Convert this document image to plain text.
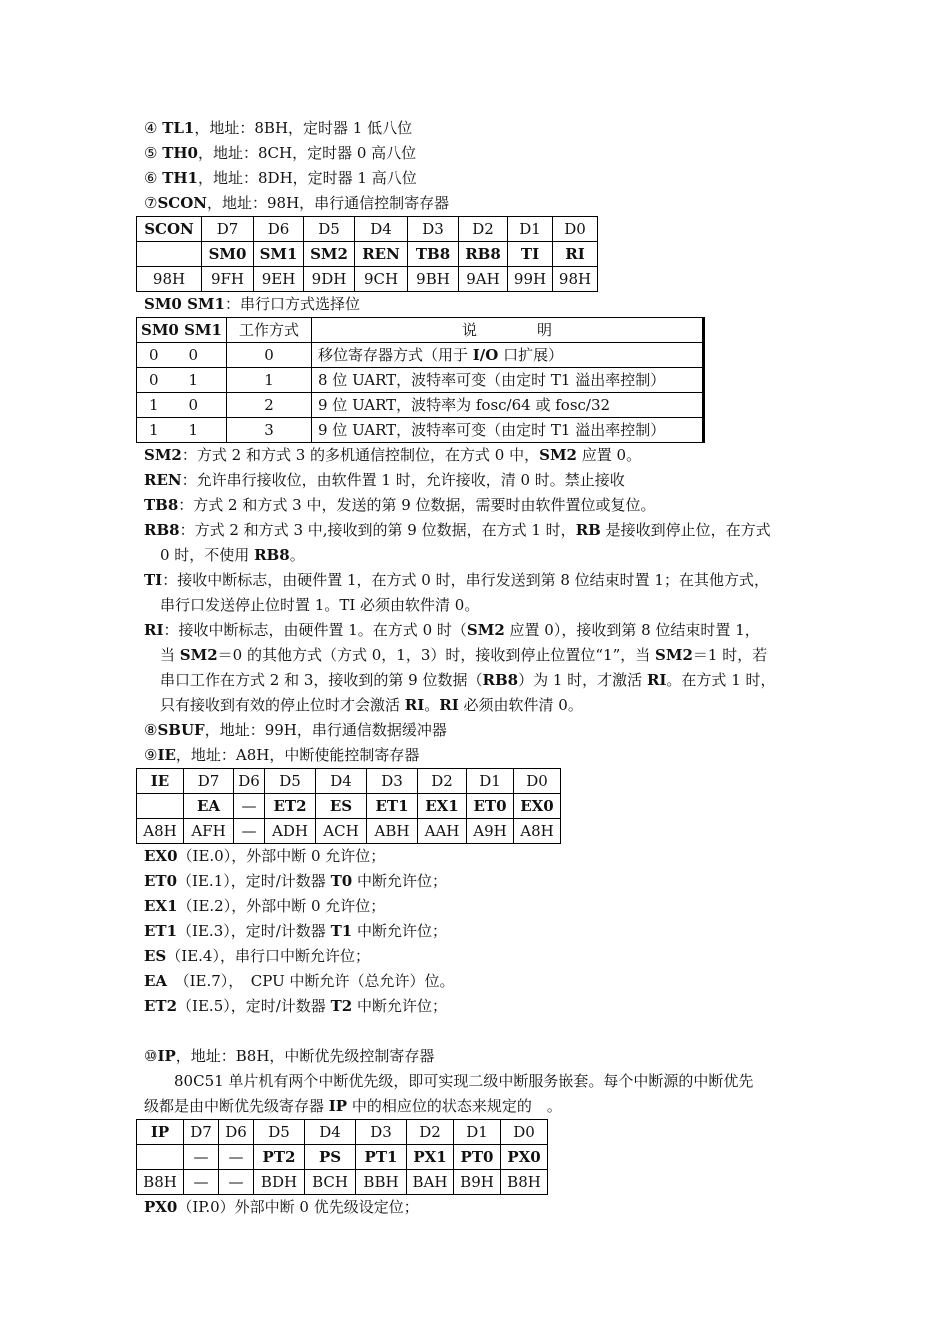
④ TL1，地址：8BH，定时器 1 低八位
⑤ TH0，地址：8CH，定时器 0 高八位
⑥ TH1，地址：8DH，定时器 1 高八位
⑦SCON，地址：98H，串行通信控制寄存器
SCON	D7	D6	D5	D4	D3	D2	D1	D0
	SM0	SM1	SM2	REN	TB8	RB8	TI	RI
98H	9FH	9EH	9DH	9CH	9BH	9AH	99H	98H
SM0 SM1：串行口方式选择位
SM0 SM1	工作方式	说　　　　明
0　　0	0	移位寄存器方式（用于 I/O 口扩展）
0　　1	1	8 位 UART，波特率可变（由定时 T1 溢出率控制）
1　　0	2	9 位 UART，波特率为 fosc/64 或 fosc/32
1　　1	3	9 位 UART，波特率可变（由定时 T1 溢出率控制）
SM2：方式 2 和方式 3 的多机通信控制位，在方式 0 中，SM2 应置 0。
REN：允许串行接收位，由软件置 1 时，允许接收，清 0 时。禁止接收
TB8：方式 2 和方式 3 中，发送的第 9 位数据，需要时由软件置位或复位。
RB8：方式 2 和方式 3 中,接收到的第 9 位数据，在方式 1 时，RB 是接收到停止位，在方式
0 时，不使用 RB8。
TI：接收中断标志，由硬件置 1，在方式 0 时，串行发送到第 8 位结束时置 1；在其他方式，
串行口发送停止位时置 1。TI 必须由软件清 0。
RI：接收中断标志，由硬件置 1。在方式 0 时（SM2 应置 0），接收到第 8 位结束时置 1，
当 SM2＝0 的其他方式（方式 0，1，3）时，接收到停止位置位“1”，当 SM2＝1 时，若
串口工作在方式 2 和 3，接收到的第 9 位数据（RB8）为 1 时，才激活 RI。在方式 1 时，
只有接收到有效的停止位时才会激活 RI。RI 必须由软件清 0。
⑧SBUF，地址：99H，串行通信数据缓冲器
⑨IE，地址：A8H，中断使能控制寄存器
IE	D7	D6	D5	D4	D3	D2	D1	D0
	EA	—	ET2	ES	ET1	EX1	ET0	EX0
A8H	AFH	—	ADH	ACH	ABH	AAH	A9H	A8H
EX0（IE.0），外部中断 0 允许位；
ET0（IE.1），定时/计数器 T0 中断允许位；
EX1（IE.2），外部中断 0 允许位；
ET1（IE.3），定时/计数器 T1 中断允许位；
ES（IE.4），串行口中断允许位；
EA　（IE.7），　CPU 中断允许（总允许）位。
ET2（IE.5），定时/计数器 T2 中断允许位；
⑩IP，地址：B8H，中断优先级控制寄存器
80C51 单片机有两个中断优先级，即可实现二级中断服务嵌套。每个中断源的中断优先
级都是由中断优先级寄存器 IP 中的相应位的状态来规定的　。
IP	D7	D6	D5	D4	D3	D2	D1	D0
	—	—	PT2	PS	PT1	PX1	PT0	PX0
B8H	—	—	BDH	BCH	BBH	BAH	B9H	B8H
PX0（IP.0）外部中断 0 优先级设定位；
